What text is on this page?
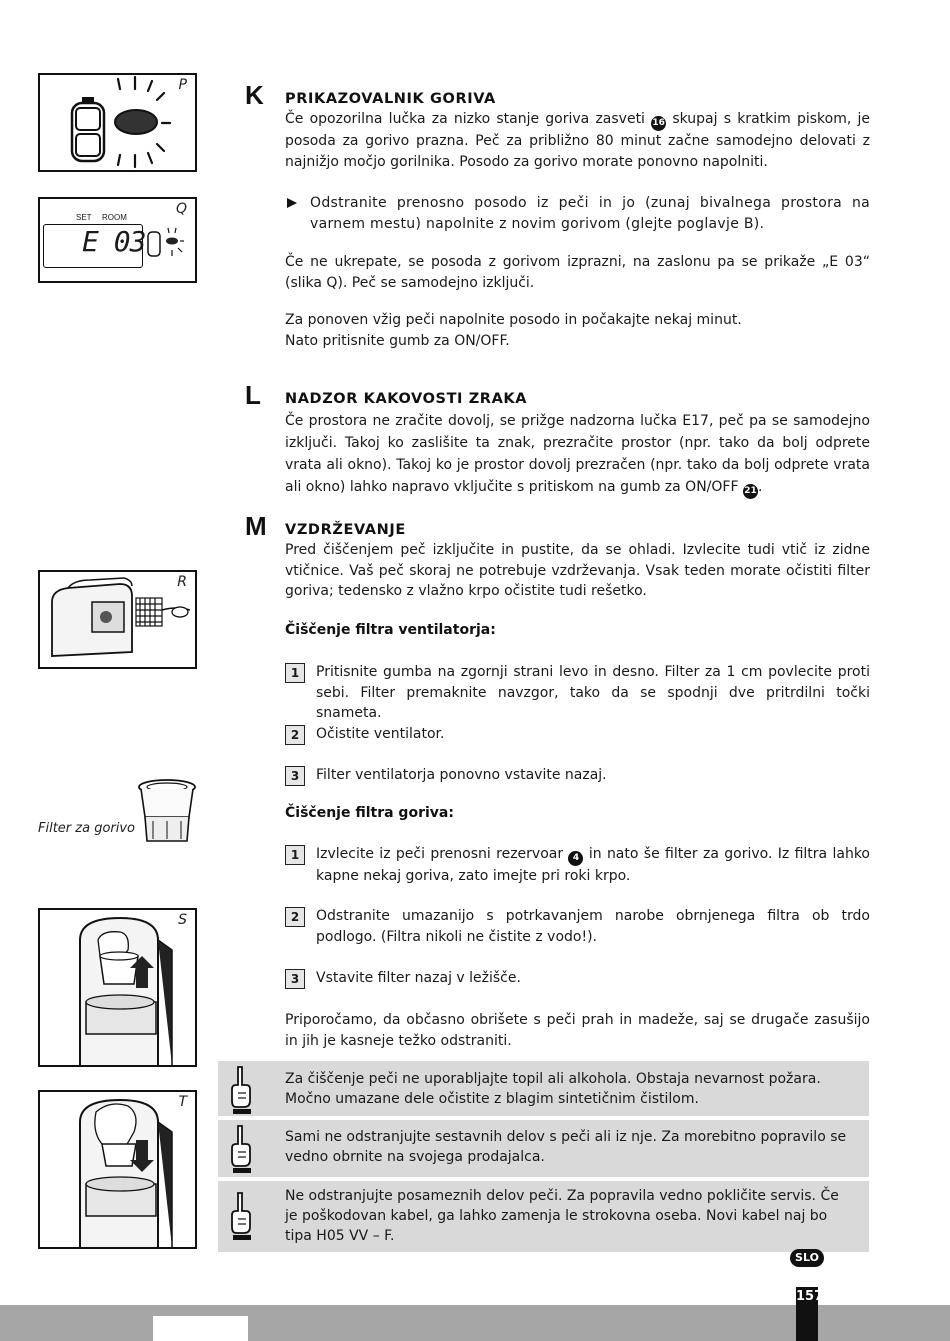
P
Q
SET ROOM
E 03
R
Filter za gorivo
S
T
K PRIKAZOVALNIK GORIVA

Če opozorilna lučka za nizko stanje goriva zasveti 16 skupaj s kratkim piskom, je posoda za gorivo prazna. Peč za približno 80 minut začne samodejno delovati z najnižjo močjo gorilnika. Posodo za gorivo morate ponovno napolniti.

Odstranite prenosno posodo iz peči in jo (zunaj bivalnega prostora na varnem mestu) napolnite z novim gorivom (glejte poglavje B).

Če ne ukrepate, se posoda z gorivom izprazni, na zaslonu pa se prikaže „E 03“ (slika Q). Peč se samodejno izključi.

Za ponoven vžig peči napolnite posodo in počakajte nekaj minut.
Nato pritisnite gumb za ON/OFF.

L NADZOR KAKOVOSTI ZRAKA

Če prostora ne zračite dovolj, se prižge nadzorna lučka E17, peč pa se samodejno izključi. Takoj ko zaslišite ta znak, prezračite prostor (npr. tako da bolj odprete vrata ali okno). Takoj ko je prostor dovolj prezračen (npr. tako da bolj odprete vrata ali okno) lahko napravo vključite s pritiskom na gumb za ON/OFF 21.

M VZDRŽEVANJE

Pred čiščenjem peč izključite in pustite, da se ohladi. Izvlecite tudi vtič iz zidne vtičnice. Vaš peč skoraj ne potrebuje vzdrževanja. Vsak teden morate očistiti filter goriva; tedensko z vlažno krpo očistite tudi rešetko.

Čiščenje filtra ventilatorja:
1	Pritisnite gumba na zgornji strani levo in desno. Filter za 1 cm povlecite proti sebi. Filter premaknite navzgor, tako da se spodnji dve pritrdilni točki snameta.

2	Očistite ventilator.

3	Filter ventilatorja ponovno vstavite nazaj.

Čiščenje filtra goriva:
1	Izvlecite iz peči prenosni rezervoar 4 in nato še filter za gorivo. Iz filtra lahko kapne nekaj goriva, zato imejte pri roki krpo.

2	Odstranite umazanijo s potrkavanjem narobe obrnjenega filtra ob trdo podlogo. (Filtra nikoli ne čistite z vodo!).

3	Vstavite filter nazaj v ležišče.

Priporočamo, da občasno obrišete s peči prah in madeže, saj se drugače zasušijo in jih je kasneje težko odstraniti.

Za čiščenje peči ne uporabljajte topil ali alkohola. Obstaja nevarnost požara. Močno umazane dele očistite z blagim sintetičnim čistilom.

Sami ne odstranjujte sestavnih delov s peči ali iz nje. Za morebitno popravilo se vedno obrnite na svojega prodajalca.

Ne odstranjujte posameznih delov peči. Za popravila vedno pokličite servis. Če je poškodovan kabel, ga lahko zamenja le strokovna oseba. Novi kabel naj bo tipa H05 VV – F.

SLO
157
